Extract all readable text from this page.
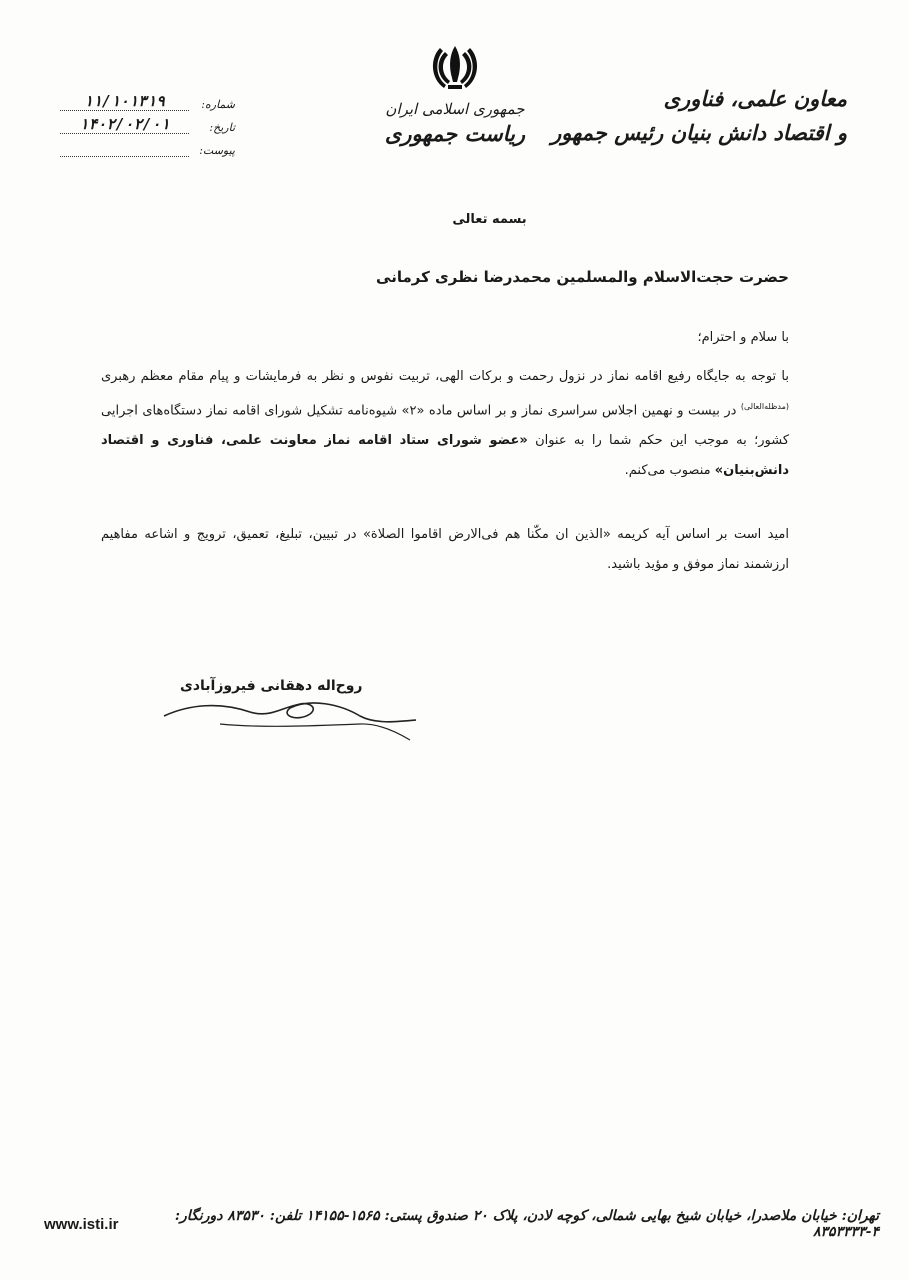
معاون علمی، فناوری
و اقتصاد دانش بنیان رئیس جمهور
جمهوری اسلامی ایران
ریاست جمهوری
شماره:
۱۱/۱۰۱۳۱۹
تاریخ:
۱۴۰۲/۰۲/۰۱
پیوست:
بسمه تعالی
حضرت حجت‌الاسلام والمسلمین محمدرضا نظری کرمانی
با سلام و احترام؛
با توجه به جایگاه رفیع اقامه نماز در نزول رحمت و برکات الهی، تربیت نفوس و نظر به فرمایشات و پیام مقام معظم رهبری $^{(مدظله‌العالی)}$ در بیست و نهمین اجلاس سراسری نماز و بر اساس ماده «۲» شیوه‌نامه تشکیل شورای اقامه نماز دستگاه‌های اجرایی کشور؛ به موجب این حکم شما را به عنوان «عضو شورای ستاد اقامه نماز معاونت علمی، فناوری و اقتصاد دانش‌بنیان» منصوب می‌کنم.
امید است بر اساس آیه کریمه «الذین ان مکّنا هم فی‌الارض اقاموا الصلاة» در تبیین، تبلیغ، تعمیق، ترویج و اشاعه مفاهیم ارزشمند نماز موفق و مؤید باشید.
روح‌اله دهقانی فیروزآبادی
تهران: خیابان ملاصدرا، خیابان شیخ بهایی شمالی، کوچه لادن، پلاک ۲۰ صندوق پستی: ۱۵۶۵-۱۴۱۵۵ تلفن: ۸۳۵۳۰ دورنگار: ۴-۸۳۵۳۳۳۳
www.isti.ir
